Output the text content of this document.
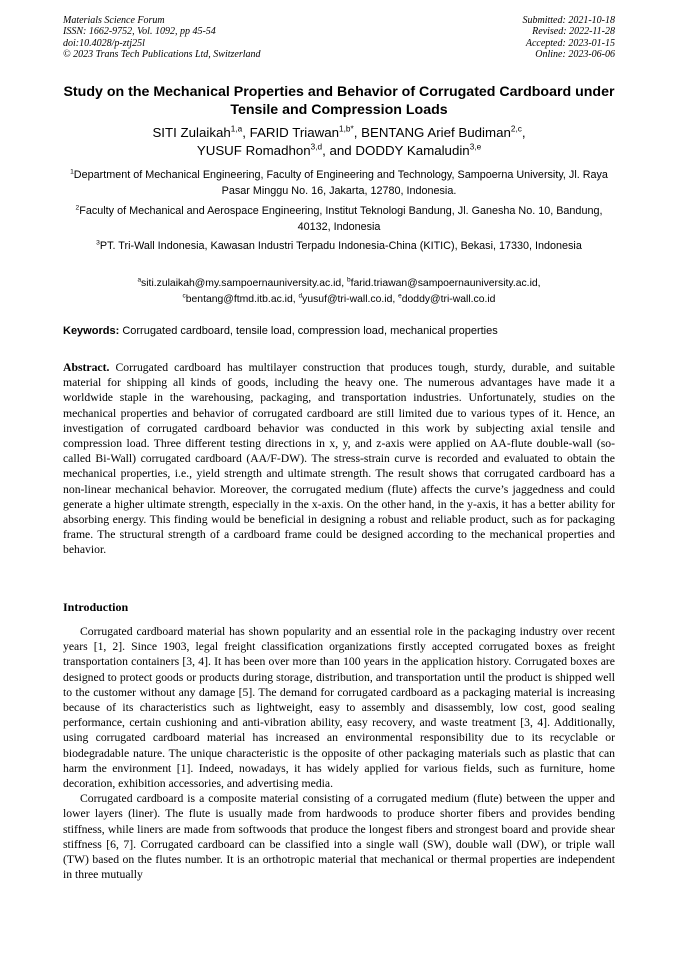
Materials Science Forum
ISSN: 1662-9752, Vol. 1092, pp 45-54
doi:10.4028/p-ztj25l
© 2023 Trans Tech Publications Ltd, Switzerland
Submitted: 2021-10-18
Revised: 2022-11-28
Accepted: 2023-01-15
Online: 2023-06-06
Study on the Mechanical Properties and Behavior of Corrugated Cardboard under Tensile and Compression Loads
SITI Zulaikah$^{1,a}$, FARID Triawan$^{1,b*}$, BENTANG Arief Budiman$^{2,c}$,
YUSUF Romadhon$^{3,d}$, and DODDY Kamaludin$^{3,e}$
$^1$Department of Mechanical Engineering, Faculty of Engineering and Technology, Sampoerna University, Jl. Raya Pasar Minggu No. 16, Jakarta, 12780, Indonesia.
$^2$Faculty of Mechanical and Aerospace Engineering, Institut Teknologi Bandung, Jl. Ganesha No. 10, Bandung, 40132, Indonesia
$^3$PT. Tri-Wall Indonesia, Kawasan Industri Terpadu Indonesia-China (KITIC), Bekasi, 17330, Indonesia
$^a$siti.zulaikah@my.sampoernauniversity.ac.id, $^b$farid.triawan@sampoernauniversity.ac.id,
$^c$bentang@ftmd.itb.ac.id, $^d$yusuf@tri-wall.co.id, $^e$doddy@tri-wall.co.id
Keywords: Corrugated cardboard, tensile load, compression load, mechanical properties
Abstract. Corrugated cardboard has multilayer construction that produces tough, sturdy, durable, and suitable material for shipping all kinds of goods, including the heavy one. The numerous advantages have made it a worldwide staple in the warehousing, packaging, and transportation industries. Unfortunately, studies on the mechanical properties and behavior of corrugated cardboard are still limited due to various types of it. Hence, an investigation of corrugated cardboard behavior was conducted in this work by subjecting axial tensile and compression load. Three different testing directions in x, y, and z-axis were applied on AA-flute double-wall (so-called Bi-Wall) corrugated cardboard (AA/F-DW). The stress-strain curve is recorded and evaluated to obtain the mechanical properties, i.e., yield strength and ultimate strength. The result shows that corrugated cardboard has a non-linear mechanical behavior. Moreover, the corrugated medium (flute) affects the curve’s jaggedness and could generate a higher ultimate strength, especially in the x-axis. On the other hand, in the y-axis, it has a better ability for absorbing energy. This finding would be beneficial in designing a robust and reliable product, such as for packaging frame. The structural strength of a cardboard frame could be designed according to the mechanical properties and behavior.
Introduction

Corrugated cardboard material has shown popularity and an essential role in the packaging industry over recent years [1, 2]. Since 1903, legal freight classification organizations firstly accepted corrugated boxes as freight transportation containers [3, 4]. It has been over more than 100 years in the application history. Corrugated boxes are designed to protect goods or products during storage, distribution, and transportation until the product is shipped well to the customer without any damage [5]. The demand for corrugated cardboard as a packaging material is increasing because of its characteristics such as lightweight, easy to assembly and disassembly, low cost, good sealing performance, certain cushioning and anti-vibration ability, easy recovery, and waste treatment [3, 4]. Additionally, using corrugated cardboard material has increased an environmental responsibility due to its recyclable or biodegradable nature. The unique characteristic is the opposite of other packaging materials such as plastic that can harm the environment [1]. Indeed, nowadays, it has widely applied for various fields, such as furniture, home decoration, exhibition accessories, and advertising media.

Corrugated cardboard is a composite material consisting of a corrugated medium (flute) between the upper and lower layers (liner). The flute is usually made from hardwoods to produce shorter fibers and provides bending stiffness, while liners are made from softwoods that produce the longest fibers and strongest board and provide shear stiffness [6, 7]. Corrugated cardboard can be classified into a single wall (SW), double wall (DW), or triple wall (TW) based on the flutes number. It is an orthotropic material that mechanical or thermal properties are independent in three mutually
